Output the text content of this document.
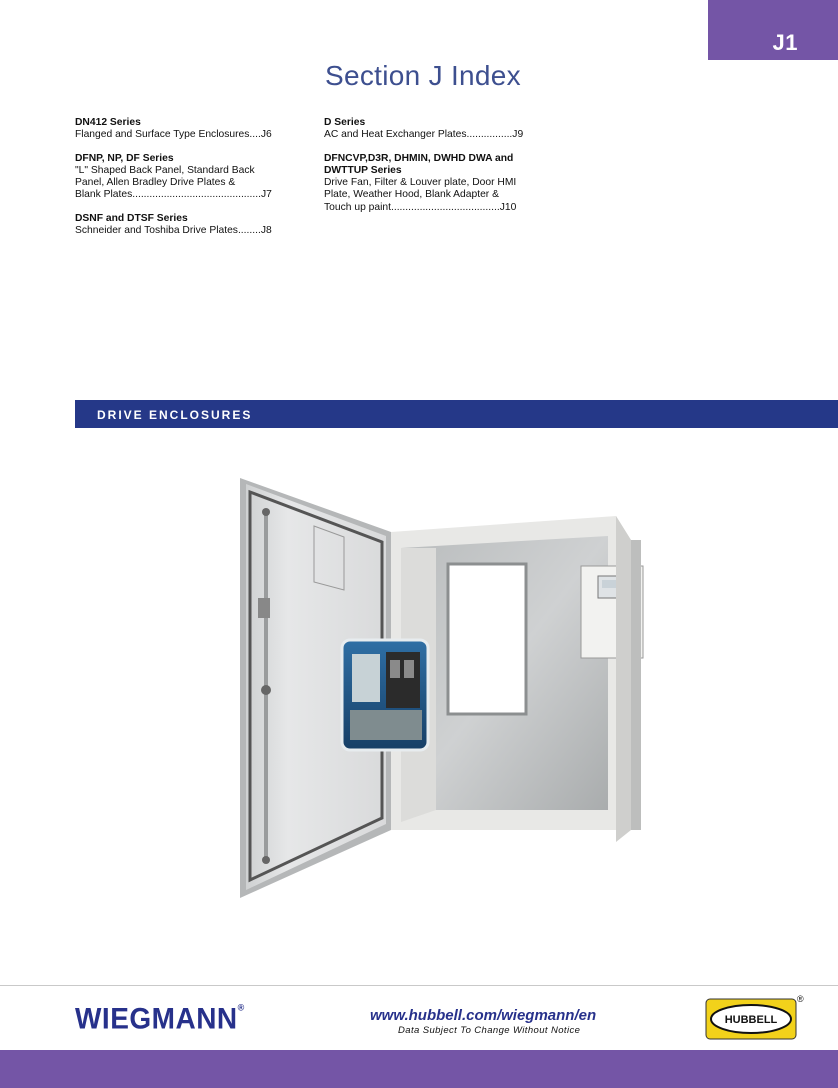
J1
Section J Index
DN412 Series
Flanged and Surface Type Enclosures....J6
DFNP, NP, DF Series
"L" Shaped Back Panel, Standard Back
Panel, Allen Bradley Drive Plates &
Blank Plates.............................................J7
DSNF and DTSF Series
Schneider and Toshiba Drive Plates........J8
D Series
AC and Heat Exchanger Plates................J9
DFNCVP,D3R, DHMIN, DWHD DWA and
DWTTUP Series
Drive Fan, Filter & Louver plate, Door HMI
Plate, Weather Hood, Blank Adapter &
Touch up paint......................................J10
DRIVE ENCLOSURES
WIEGMANN®	www.hubbell.com/wiegmann/en
Data Subject To Change Without Notice
HUBBELL
®
